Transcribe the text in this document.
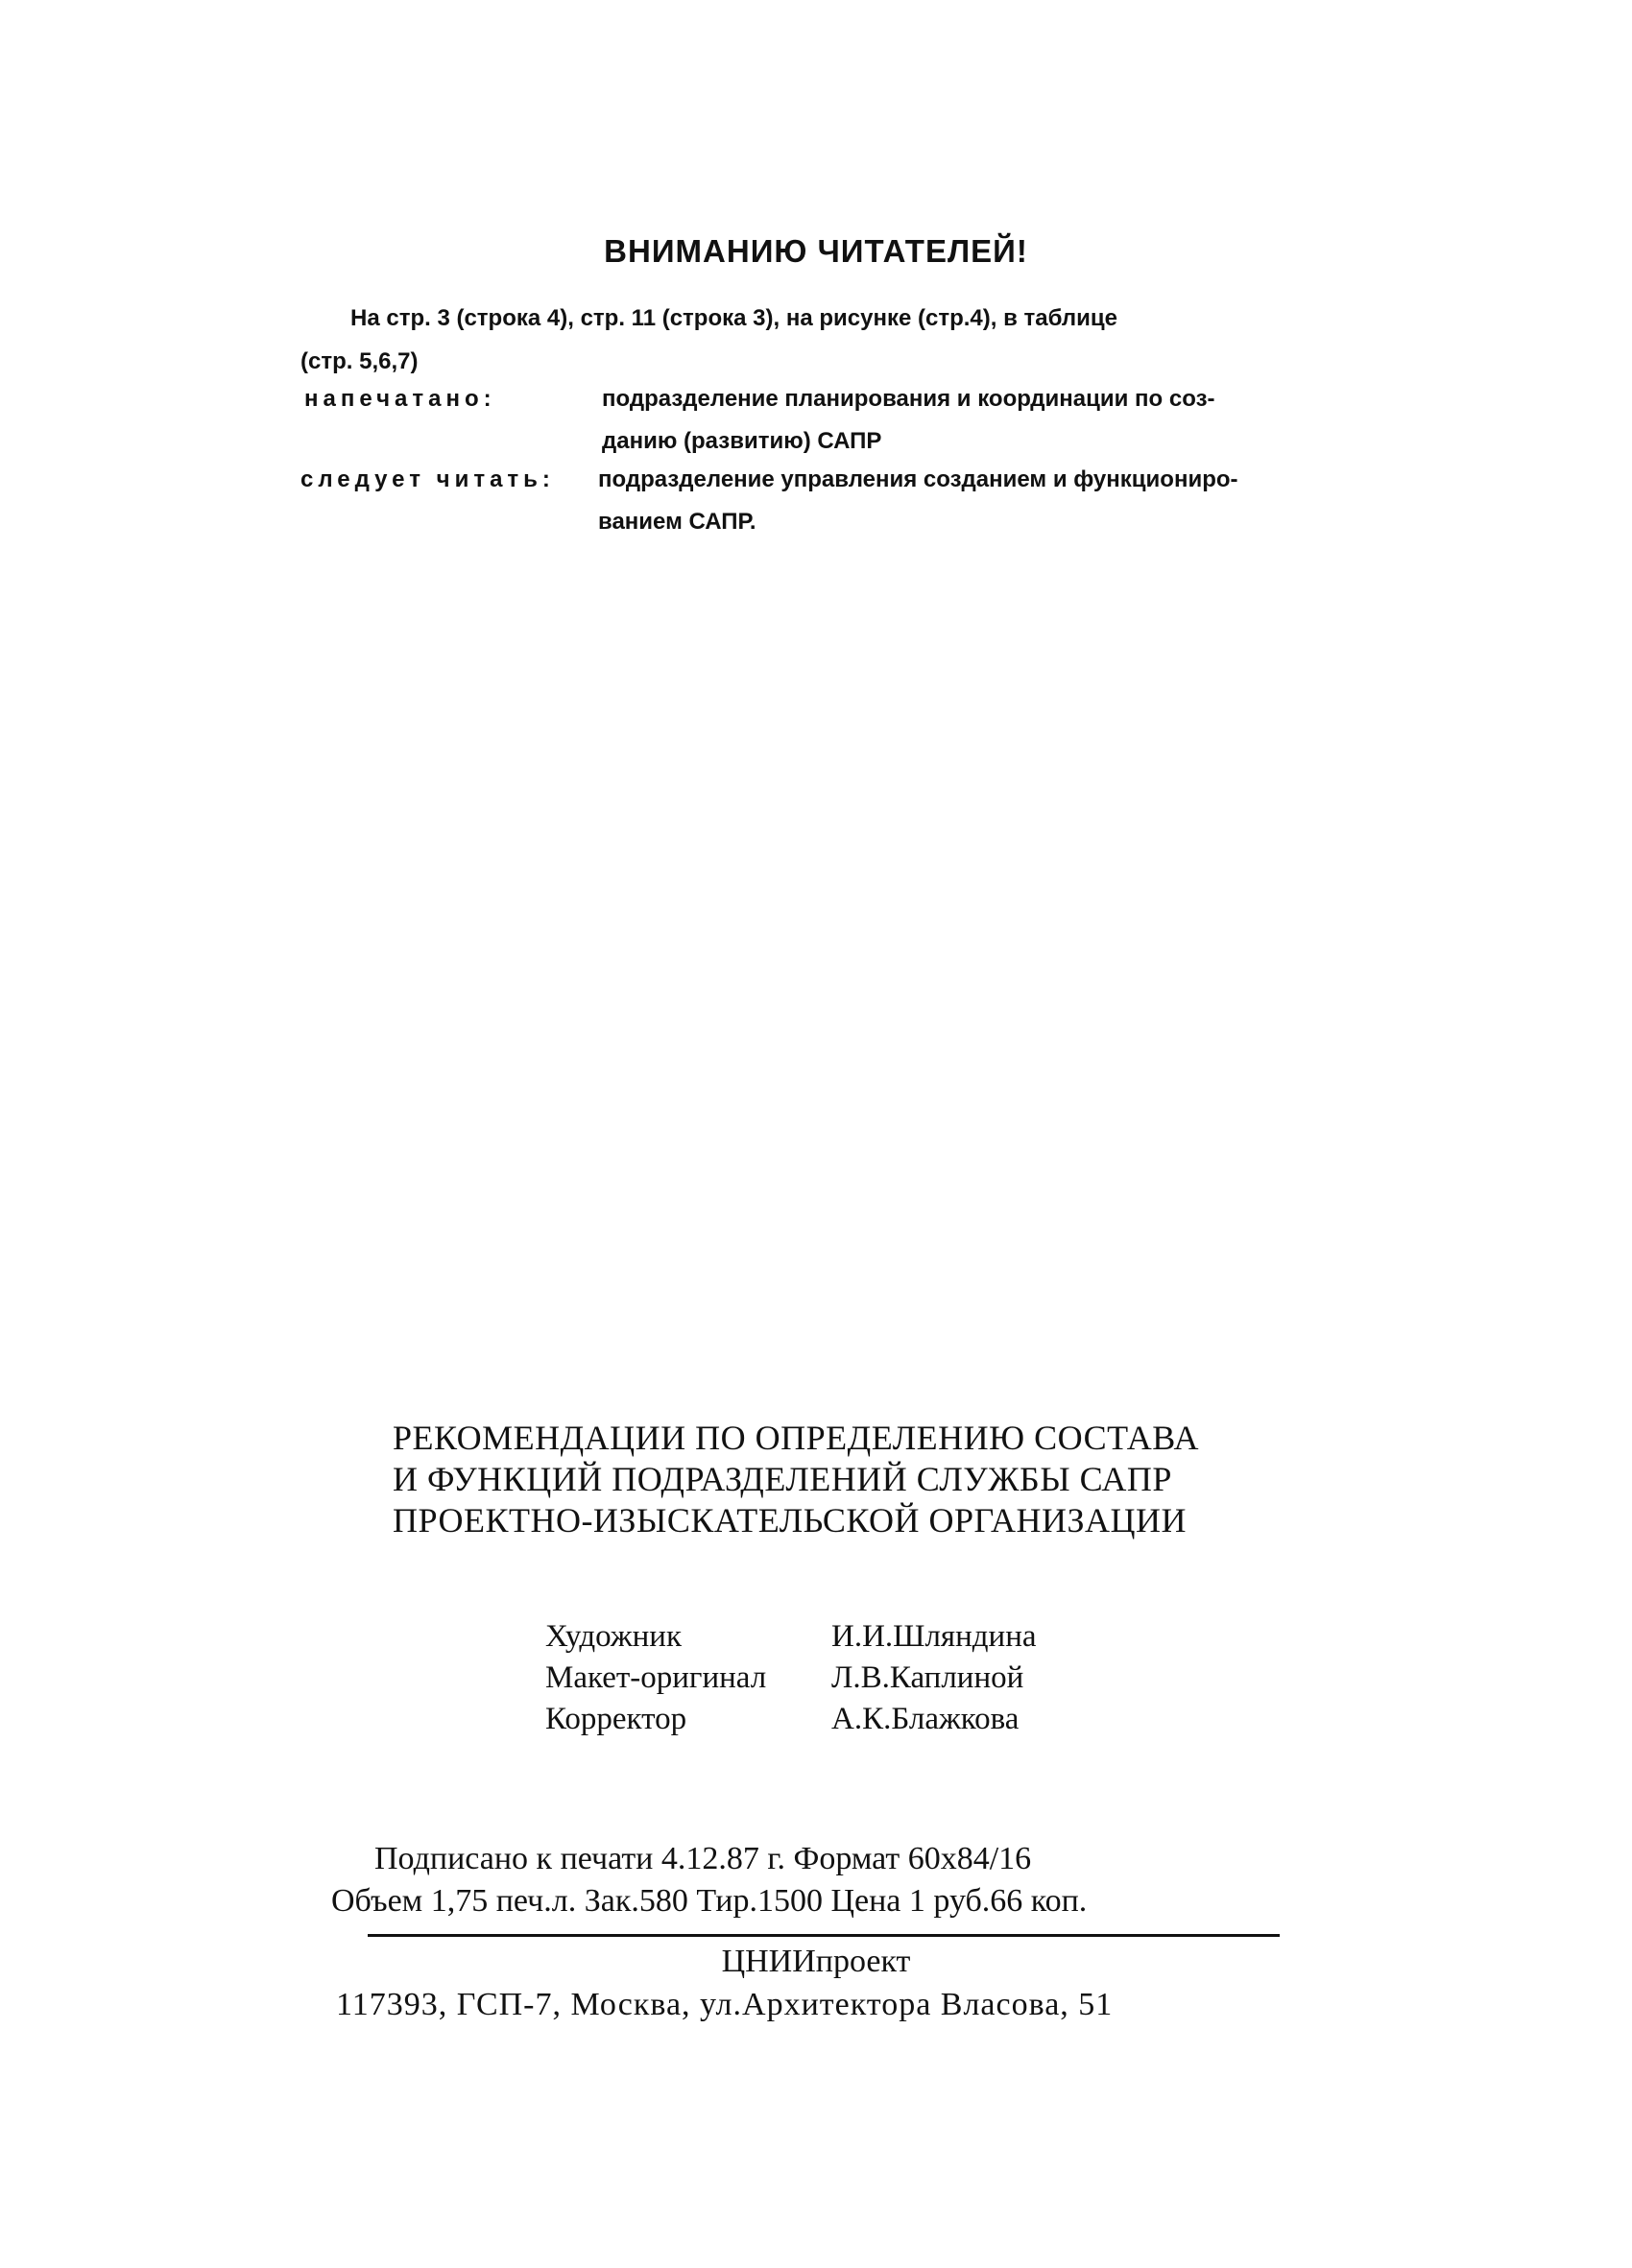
ВНИМАНИЮ ЧИТАТЕЛЕЙ!
На стр. 3 (строка 4), стр. 11 (строка 3), на рисунке (стр.4), в таблице
(стр. 5,6,7)
напечатано:	подразделение планирования и координации по соз-
данию (развитию) САПР
следует читать: подразделение управления созданием и функциониро-
ванием САПР.
РЕКОМЕНДАЦИИ ПО ОПРЕДЕЛЕНИЮ СОСТАВА
И ФУНКЦИЙ ПОДРАЗДЕЛЕНИЙ СЛУЖБЫ САПР
ПРОЕКТНО-ИЗЫСКАТЕЛЬСКОЙ ОРГАНИЗАЦИИ
Художник	И.И.Шляндина
Макет-оригинал Л.В.Каплиной
Корректор	А.К.Блажкова
Подписано к печати 4.12.87 г. Формат 60х84/16
Объем 1,75 печ.л. Зак.580 Тир.1500 Цена 1 руб.66 коп.
ЦНИИпроект
117393, ГСП-7, Москва, ул.Архитектора Власова, 51
